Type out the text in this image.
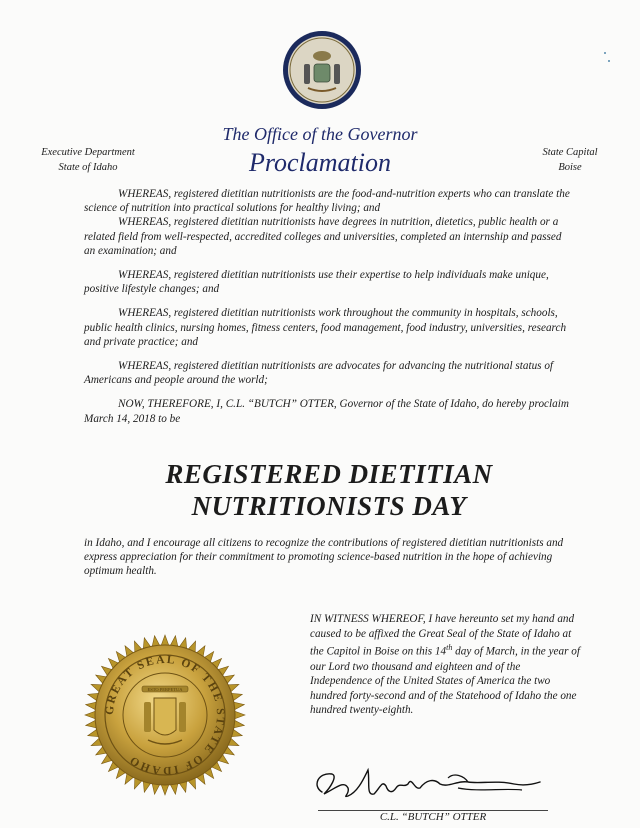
Executive Department
State of Idaho
State Capital
Boise
The Office of the Governor
Proclamation

WHEREAS, registered dietitian nutritionists are the food-and-nutrition experts who can translate the science of nutrition into practical solutions for healthy living; and

WHEREAS, registered dietitian nutritionists have degrees in nutrition, dietetics, public health or a related field from well-respected, accredited colleges and universities, completed an internship and passed an examination; and

WHEREAS, registered dietitian nutritionists use their expertise to help individuals make unique, positive lifestyle changes; and

WHEREAS, registered dietitian nutritionists work throughout the community in hospitals, schools, public health clinics, nursing homes, fitness centers, food management, food industry, universities, research and private practice; and

WHEREAS, registered dietitian nutritionists are advocates for advancing the nutritional status of Americans and people around the world;

NOW, THEREFORE, I, C.L. “BUTCH” OTTER, Governor of the State of Idaho, do hereby proclaim March 14, 2018 to be

REGISTERED DIETITIAN
NUTRITIONISTS DAY
in Idaho, and I encourage all citizens to recognize the contributions of registered dietitian nutritionists and express appreciation for their commitment to promoting science-based nutrition in the hope of achieving optimum health.
IN WITNESS WHEREOF, I have hereunto set my hand and caused to be affixed the Great Seal of the State of Idaho at the Capitol in Boise on this 14th day of March, in the year of our Lord two thousand and eighteen and of the Independence of the United States of America the two hundred forty-second and of the Statehood of Idaho the one hundred twenty-eighth.
GREAT SEAL OF THE STATE OF IDAHO
ESTO PERPETUA
C.L. “BUTCH” OTTER
